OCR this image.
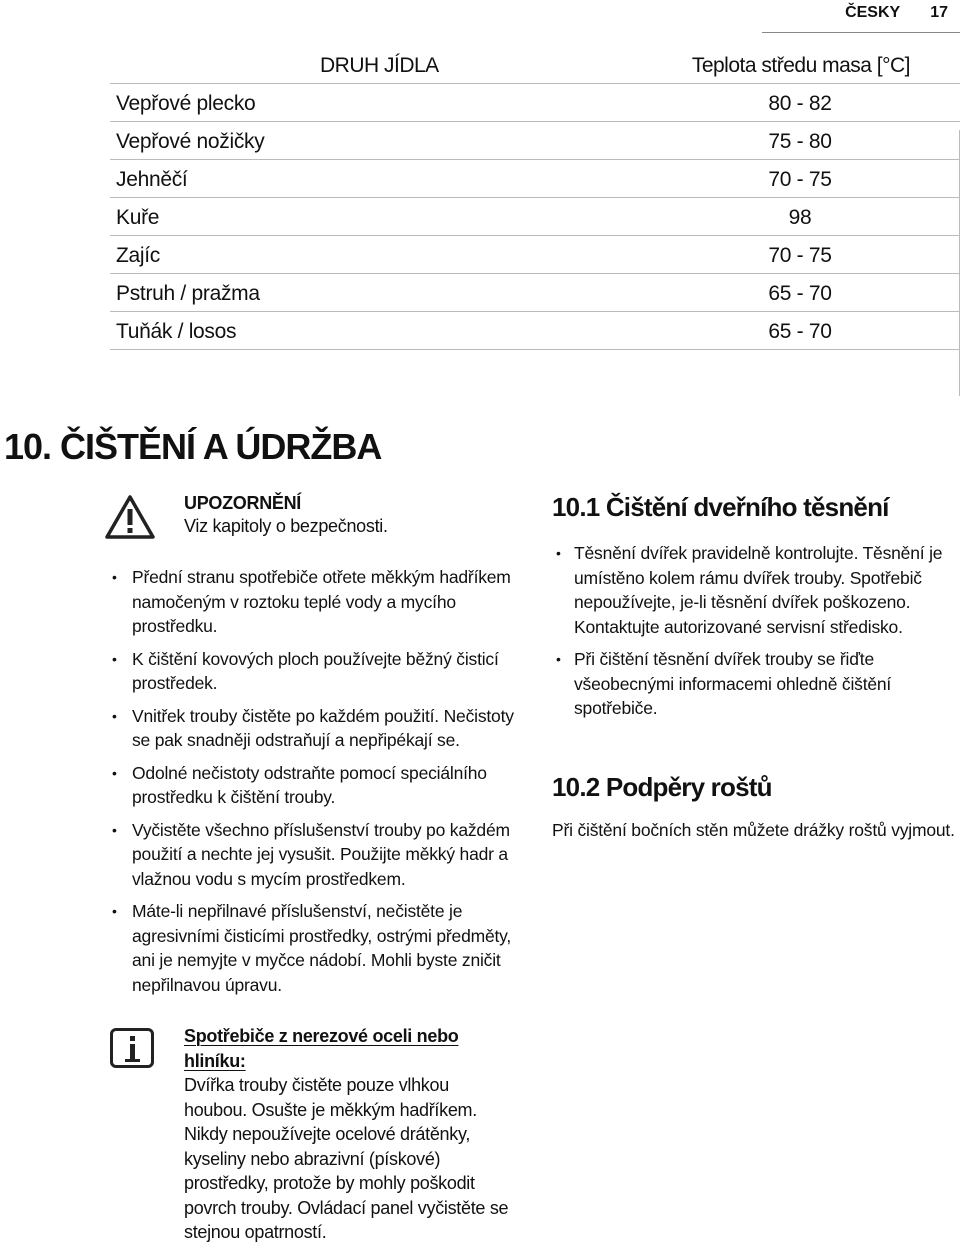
ČESKY 17
DRUH JÍDLA	Teplota středu masa [°C]
Vepřové plecko	80 - 82
Vepřové nožičky	75 - 80
Jehněčí	70 - 75
Kuře	98
Zajíc	70 - 75
Pstruh / pražma	65 - 70
Tuňák / losos	65 - 70
10. ČIŠTĚNÍ A ÚDRŽBA
UPOZORNĚNÍ
Viz kapitoly o bezpečnosti.
• Přední stranu spotřebiče otřete měkkým hadříkem namočeným v roztoku teplé vody a mycího prostředku.
• K čištění kovových ploch používejte běžný čisticí prostředek.
• Vnitřek trouby čistěte po každém použití. Nečistoty se pak snadněji odstraňují a nepřipékají se.
• Odolné nečistoty odstraňte pomocí speciálního prostředku k čištění trouby.
• Vyčistěte všechno příslušenství trouby po každém použití a nechte jej vysušit. Použijte měkký hadr a vlažnou vodu s mycím prostředkem.
• Máte-li nepřilnavé příslušenství, nečistěte je agresivními čisticími prostředky, ostrými předměty, ani je nemyjte v myčce nádobí. Mohli byste zničit nepřilnavou úpravu.
Spotřebiče z nerezové oceli nebo hliníku:
Dvířka trouby čistěte pouze vlhkou houbou. Osušte je měkkým hadříkem. Nikdy nepoužívejte ocelové drátěnky, kyseliny nebo abrazivní (pískové) prostředky, protože by mohly poškodit povrch trouby. Ovládací panel vyčistěte se stejnou opatrností.
10.1 Čištění dveřního těsnění
• Těsnění dvířek pravidelně kontrolujte. Těsnění je umístěno kolem rámu dvířek trouby. Spotřebič nepoužívejte, je-li těsnění dvířek poškozeno. Kontaktujte autorizované servisní středisko.
• Při čištění těsnění dvířek trouby se řiďte všeobecnými informacemi ohledně čištění spotřebiče.
10.2 Podpěry roštů

Při čištění bočních stěn můžete drážky roštů vyjmout.
